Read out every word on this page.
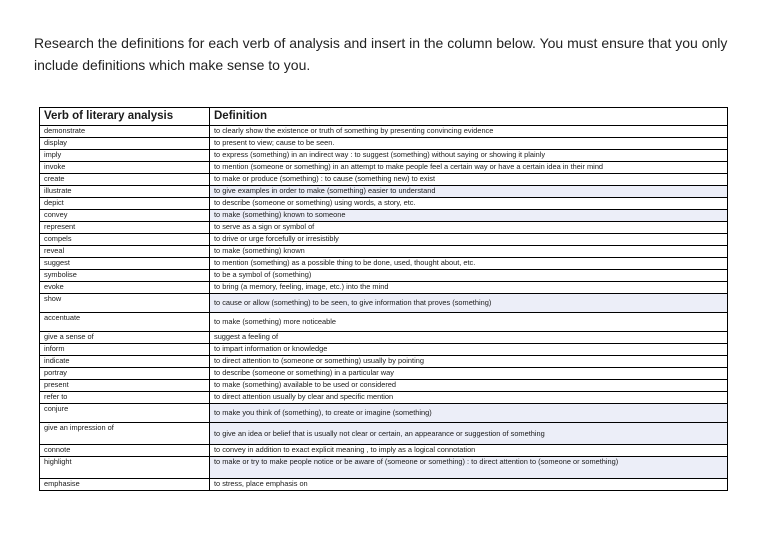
Research the definitions for each verb of analysis and insert in the column below. You must ensure that you only include definitions which make sense to you.
Verb of literary analysis	Definition
demonstrate	to clearly show the existence or truth of something by presenting convincing evidence
display	to present to view; cause to be seen.
imply	to express (something) in an indirect way : to suggest (something) without saying or showing it plainly
invoke	to mention (someone or something) in an attempt to make people feel a certain way or have a certain idea in their mind
create	to make or produce (something) : to cause (something new) to exist
illustrate	to give examples in order to make (something) easier to understand
depict	to describe (someone or something) using words, a story, etc.
convey	to make (something) known to someone
represent	to serve as a sign or symbol of
compels	to drive or urge forcefully or irresistibly
reveal	to make (something) known
suggest	to mention (something) as a possible thing to be done, used, thought about, etc.
symbolise	to be a symbol of (something)
evoke	to bring (a memory, feeling, image, etc.) into the mind
show	to cause or allow (something) to be seen, to give information that proves (something)
accentuate	to make (something) more noticeable
give a sense of	suggest a feeling of
inform	to impart information or knowledge
indicate	to direct attention to (someone or something) usually by pointing
portray	to describe (someone or something) in a particular way
present	to make (something) available to be used or considered
refer to	to direct attention usually by clear and specific mention
conjure	to make you think of (something), to create or imagine (something)
give an impression of	to give an idea or belief that is usually not clear or certain, an appearance or suggestion of something
connote	to convey in addition to exact explicit meaning , to imply as a logical connotation
highlight	to make or try to make people notice or be aware of (someone or something) : to direct attention to (someone or something)
emphasise	to stress, place emphasis on
